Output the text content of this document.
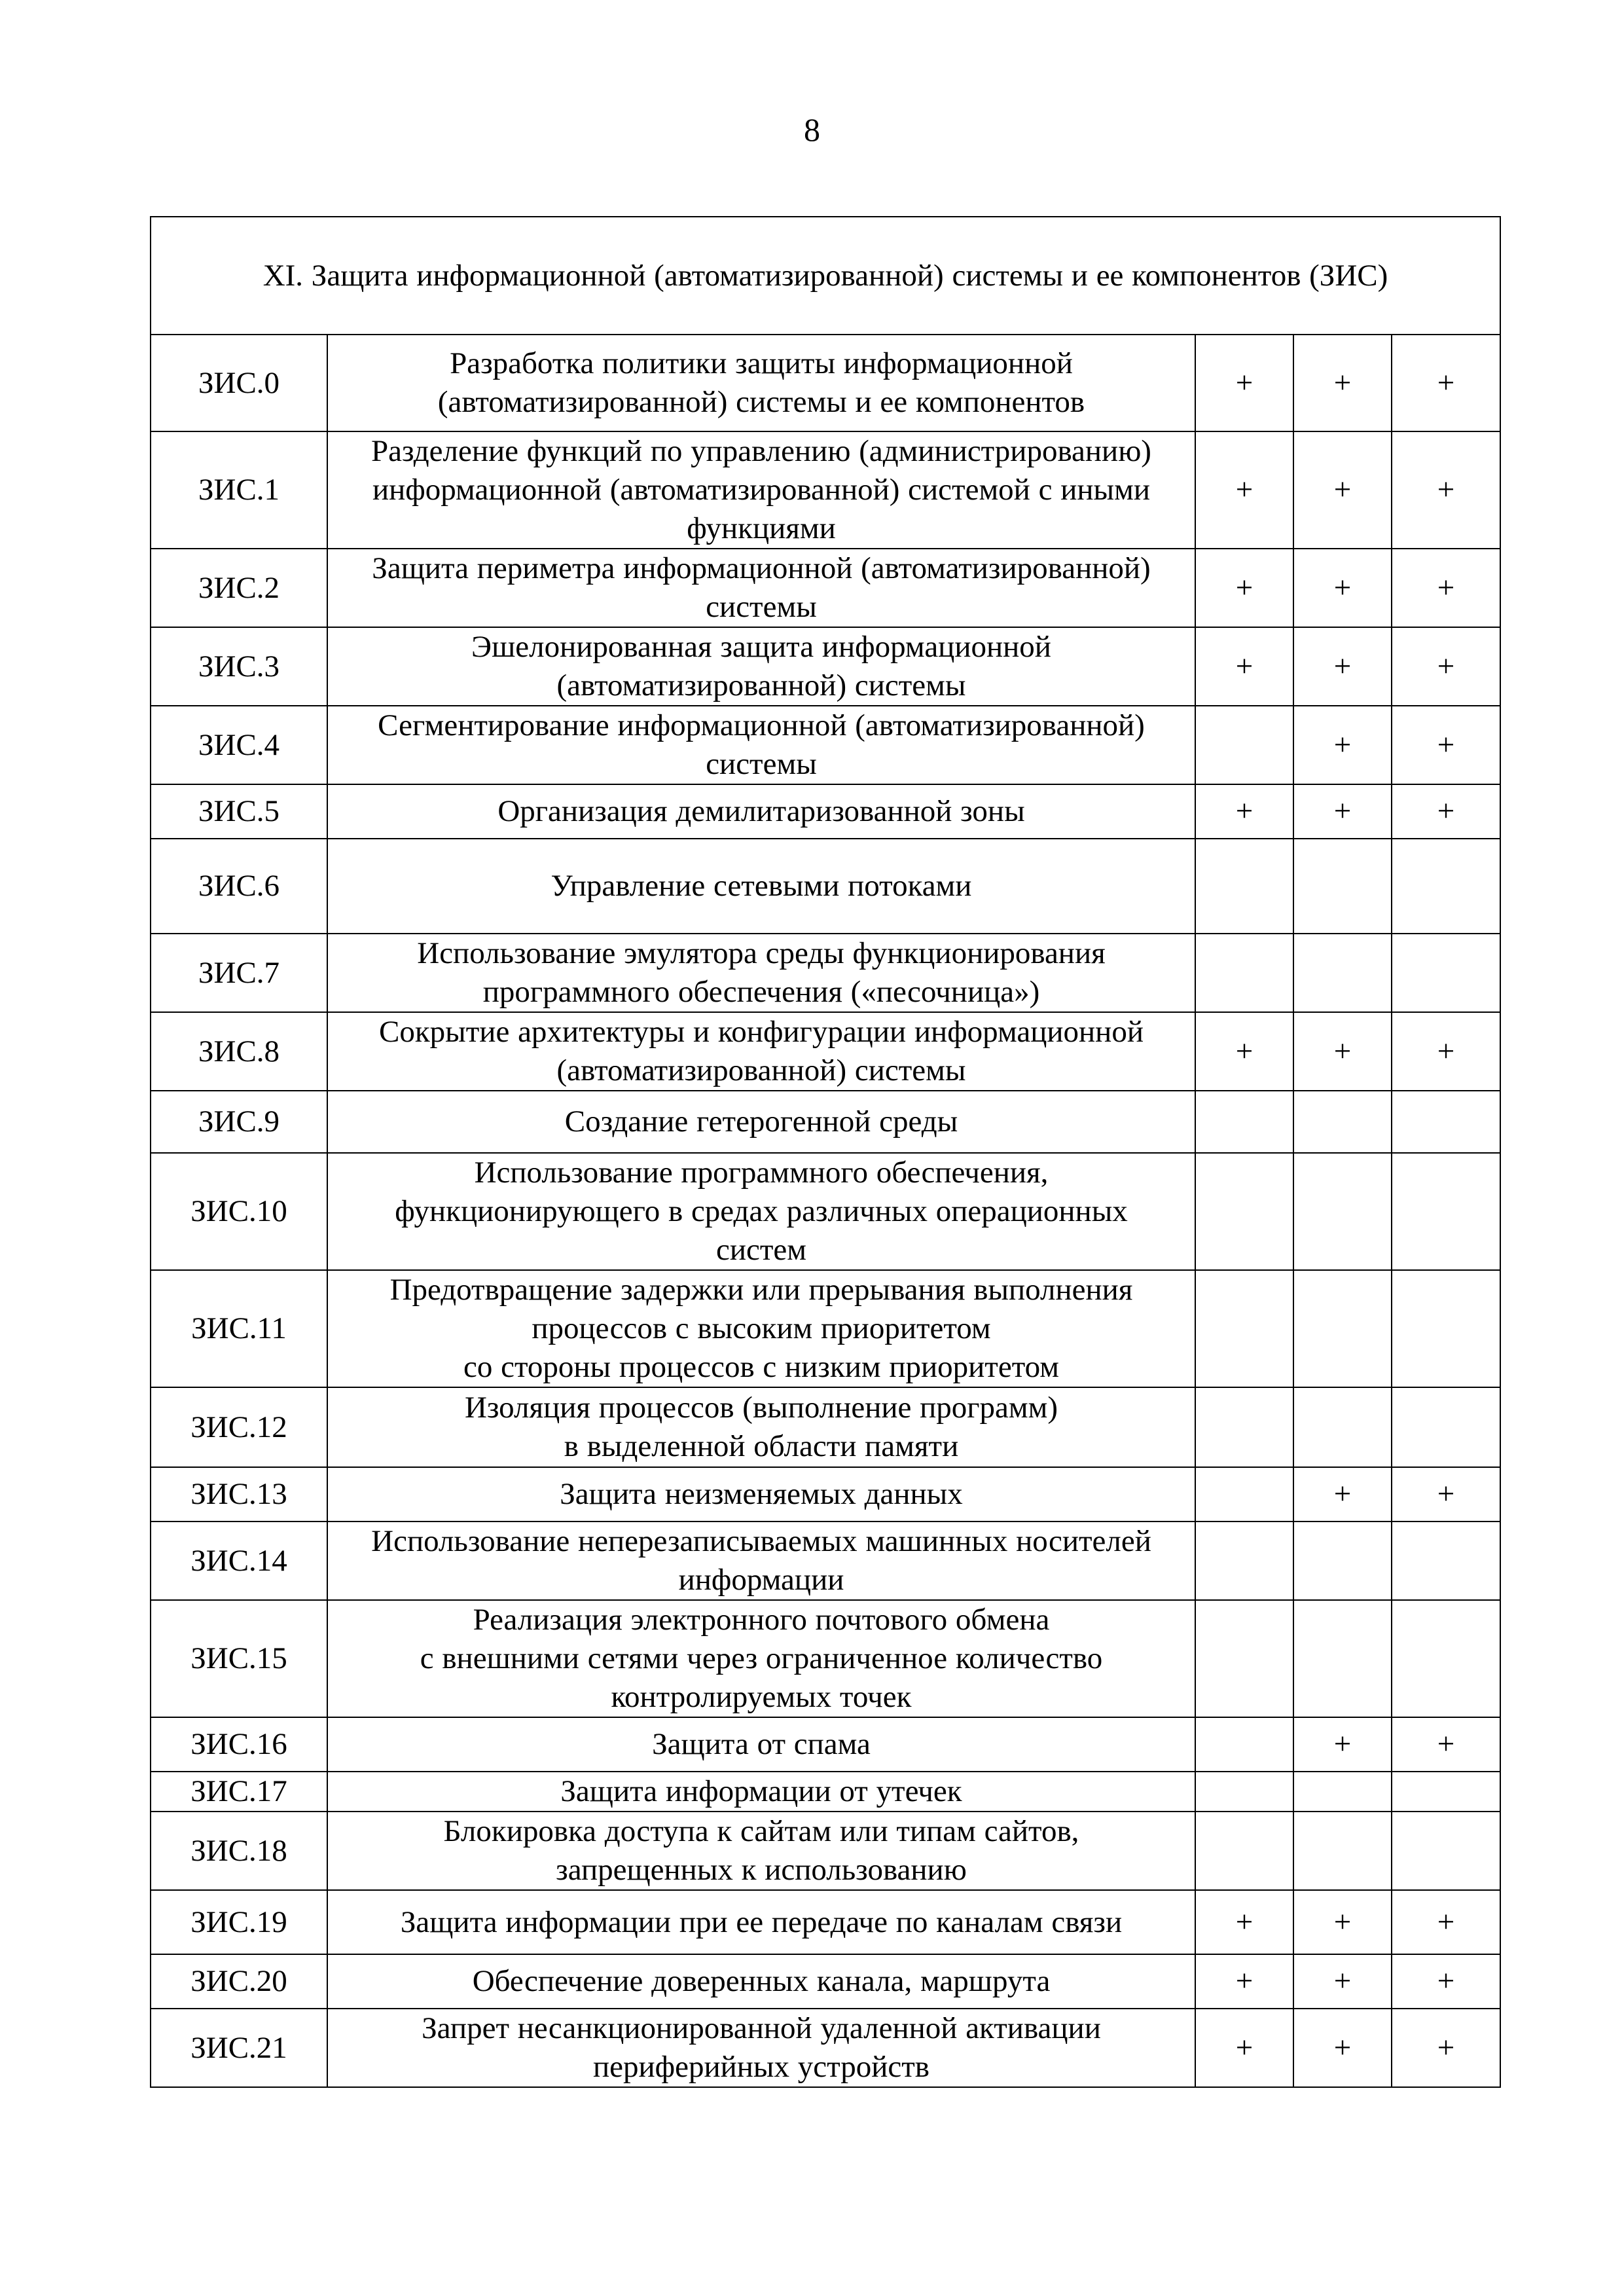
8
XI. Защита информационной (автоматизированной) системы и ее компонентов (ЗИС)				
ЗИС.0	Разработка политики защиты информационной
(автоматизированной) системы и ее компонентов	+	+	+
ЗИС.1	Разделение функций по управлению (администрированию)
информационной (автоматизированной) системой с иными
функциями	+	+	+
ЗИС.2	Защита периметра информационной (автоматизированной)
системы	+	+	+
ЗИС.3	Эшелонированная защита информационной
(автоматизированной) системы	+	+	+
ЗИС.4	Сегментирование информационной (автоматизированной)
системы		+	+
ЗИС.5	Организация демилитаризованной зоны	+	+	+
ЗИС.6	Управление сетевыми потоками			

ЗИС.7	Использование эмулятора среды функционирования
программного обеспечения («песочница»)			

ЗИС.8	Сокрытие архитектуры и конфигурации информационной
(автоматизированной) системы	+	+	+
ЗИС.9	Создание гетерогенной среды			

ЗИС.10	Использование программного обеспечения,
функционирующего в средах различных операционных
систем			

ЗИС.11	Предотвращение задержки или прерывания выполнения
процессов с высоким приоритетом
со стороны процессов с низким приоритетом			

ЗИС.12	Изоляция процессов (выполнение программ)
в выделенной области памяти			

ЗИС.13	Защита неизменяемых данных		+	+
ЗИС.14	Использование неперезаписываемых машинных носителей
информации			

ЗИС.15	Реализация электронного почтового обмена
с внешними сетями через ограниченное количество
контролируемых точек			

ЗИС.16	Защита от спама		+	+
ЗИС.17	Защита информации от утечек			

ЗИС.18	Блокировка доступа к сайтам или типам сайтов,
запрещенных к использованию			

ЗИС.19	Защита информации при ее передаче по каналам связи	+	+	+
ЗИС.20	Обеспечение доверенных канала, маршрута	+	+	+
ЗИС.21	Запрет несанкционированной удаленной активации
периферийных устройств	+	+	+
